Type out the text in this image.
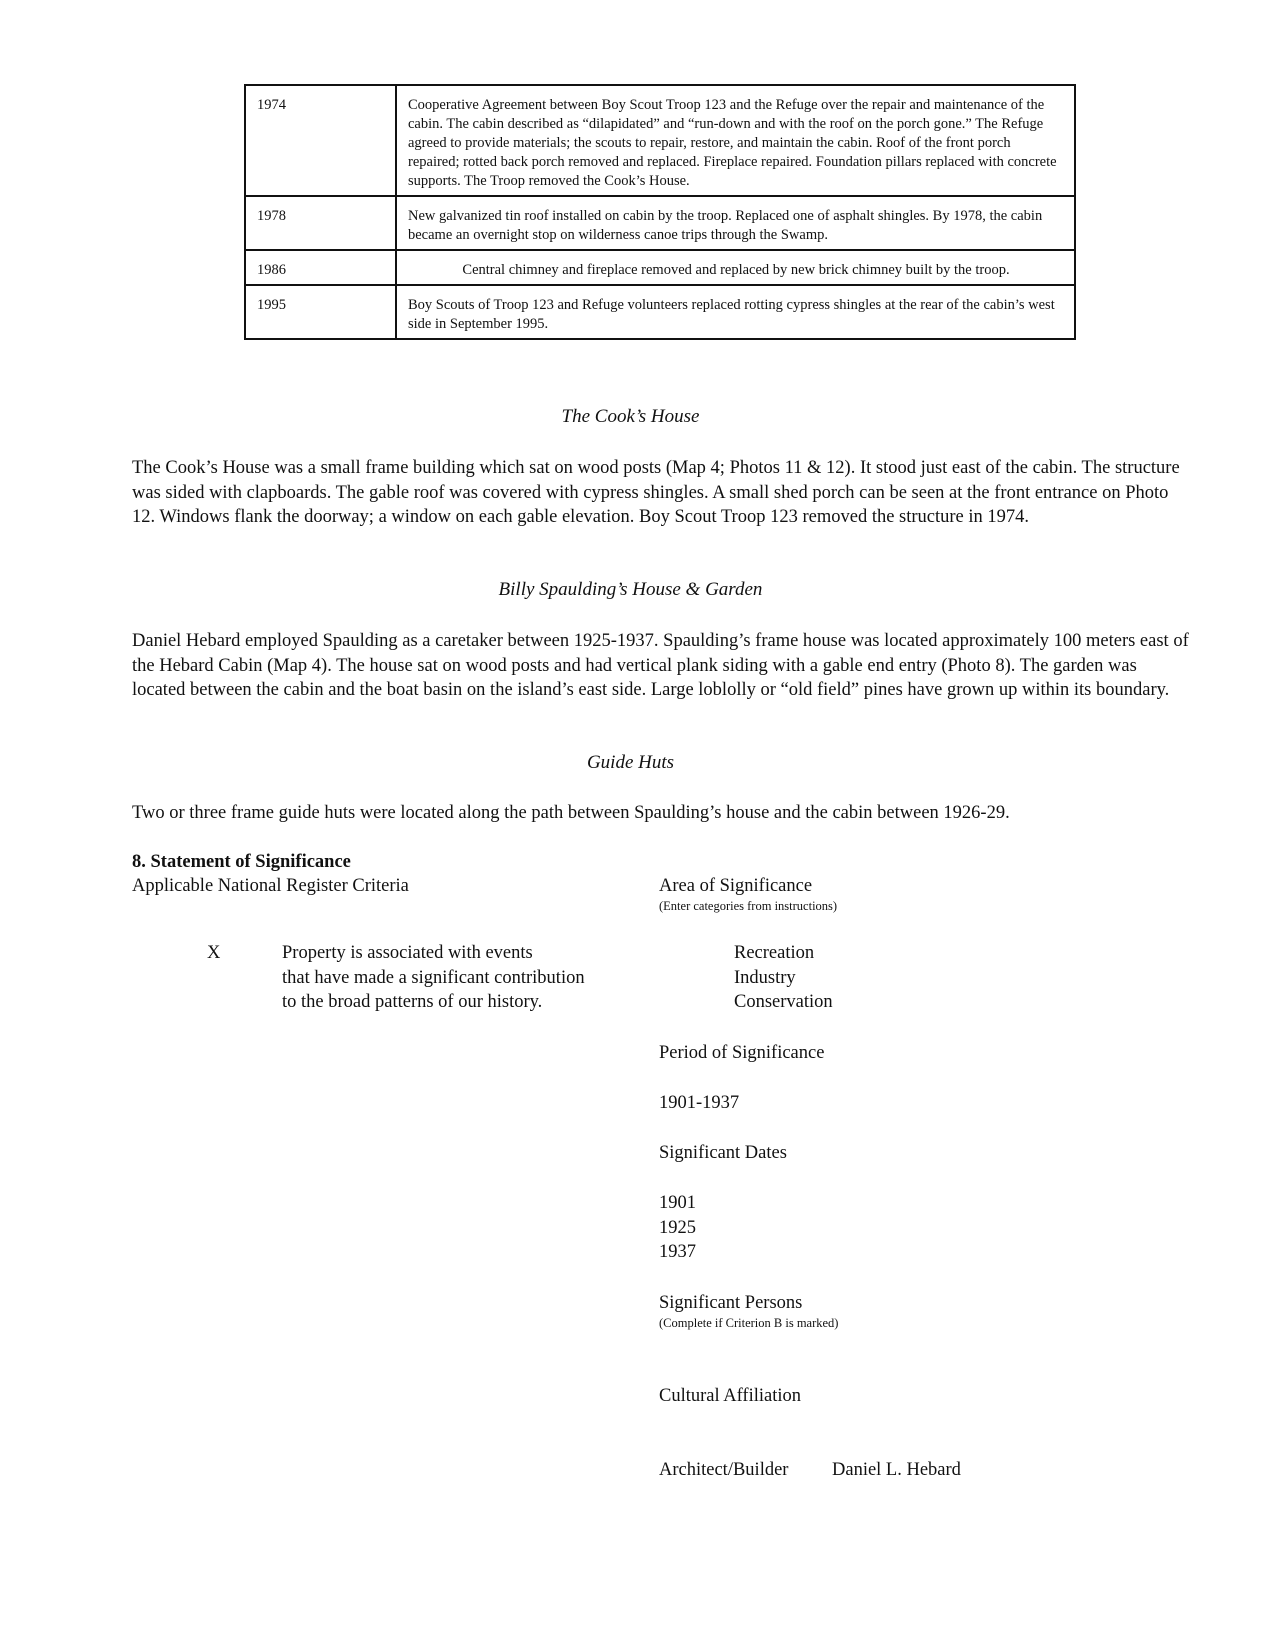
1974	Cooperative Agreement between Boy Scout Troop 123 and the Refuge over the repair and maintenance of the cabin. The cabin described as “dilapidated” and “run-down and with the roof on the porch gone.” The Refuge agreed to provide materials; the scouts to repair, restore, and maintain the cabin. Roof of the front porch repaired; rotted back porch removed and replaced. Fireplace repaired. Foundation pillars replaced with concrete supports. The Troop removed the Cook’s House.
1978	New galvanized tin roof installed on cabin by the troop. Replaced one of asphalt shingles. By 1978, the cabin became an overnight stop on wilderness canoe trips through the Swamp.
1986	Central chimney and fireplace removed and replaced by new brick chimney built by the troop.
1995	Boy Scouts of Troop 123 and Refuge volunteers replaced rotting cypress shingles at the rear of the cabin’s west side in September 1995.
The Cook’s House
The Cook’s House was a small frame building which sat on wood posts (Map 4; Photos 11 & 12). It stood just east of the cabin. The structure was sided with clapboards. The gable roof was covered with cypress shingles. A small shed porch can be seen at the front entrance on Photo 12. Windows flank the doorway; a window on each gable elevation. Boy Scout Troop 123 removed the structure in 1974.
Billy Spaulding’s House & Garden
Daniel Hebard employed Spaulding as a caretaker between 1925-1937. Spaulding’s frame house was located approximately 100 meters east of the Hebard Cabin (Map 4). The house sat on wood posts and had vertical plank siding with a gable end entry (Photo 8). The garden was located between the cabin and the boat basin on the island’s east side. Large loblolly or “old field” pines have grown up within its boundary.
Guide Huts
Two or three frame guide huts were located along the path between Spaulding’s house and the cabin between 1926-29.
8. Statement of Significance
Applicable National Register Criteria	Area of Significance
(Enter categories from instructions)
X	Property is associated with events
that have made a significant contribution
to the broad patterns of our history.
Recreation
Industry
Conservation
Period of Significance
1901-1937
Significant Dates
1901
1925
1937
Significant Persons
(Complete if Criterion B is marked)
Cultural Affiliation
Architect/Builder Daniel L. Hebard
